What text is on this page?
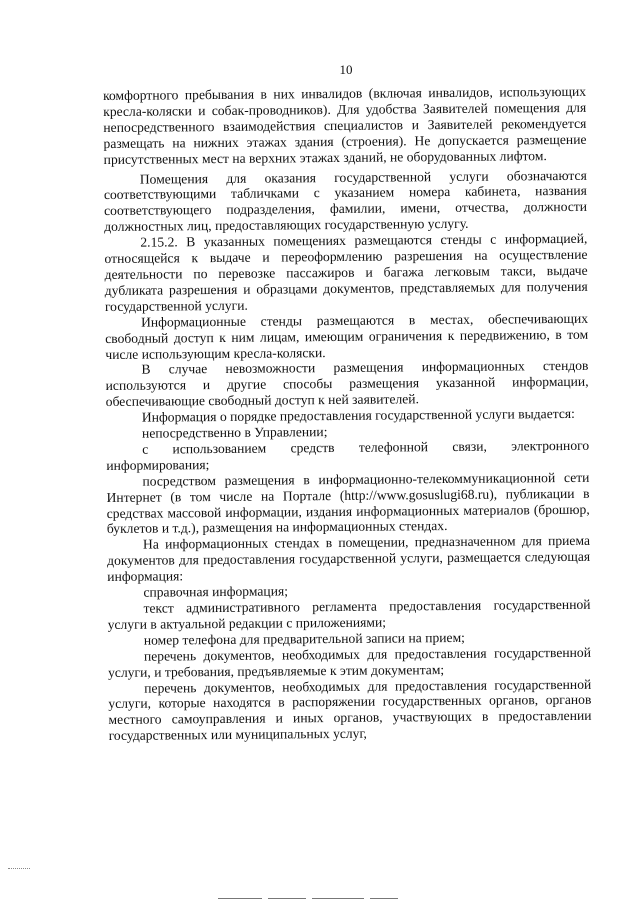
10

комфортного пребывания в них инвалидов (включая инвалидов, использующих кресла-коляски и собак-проводников). Для удобства Заявителей помещения для непосредственного взаимодействия специалистов и Заявителей рекомендуется размещать на нижних этажах здания (строения). Не допускается размещение присутственных мест на верхних этажах зданий, не оборудованных лифтом.

Помещения для оказания государственной услуги обозначаются соответствующими табличками с указанием номера кабинета, названия соответствующего подразделения, фамилии, имени, отчества, должности должностных лиц, предоставляющих государственную услугу.

2.15.2. В указанных помещениях размещаются стенды с информацией, относящейся к выдаче и переоформлению разрешения на осуществление деятельности по перевозке пассажиров и багажа легковым такси, выдаче дубликата разрешения и образцами документов, представляемых для получения государственной услуги.

Информационные стенды размещаются в местах, обеспечивающих свободный доступ к ним лицам, имеющим ограничения к передвижению, в том числе использующим кресла-коляски.

В случае невозможности размещения информационных стендов используются и другие способы размещения указанной информации, обеспечивающие свободный доступ к ней заявителей.

Информация о порядке предоставления государственной услуги выдается:

непосредственно в Управлении;

с использованием средств телефонной связи, электронного информирования;

посредством размещения в информационно-телекоммуникационной сети Интернет (в том числе на Портале (http://www.gosuslugi68.ru), публикации в средствах массовой информации, издания информационных материалов (брошюр, буклетов и т.д.), размещения на информационных стендах.

На информационных стендах в помещении, предназначенном для приема документов для предоставления государственной услуги, размещается следующая информация:

справочная информация;

текст административного регламента предоставления государственной услуги в актуальной редакции с приложениями;

номер телефона для предварительной записи на прием;

перечень документов, необходимых для предоставления государственной услуги, и требования, предъявляемые к этим документам;

перечень документов, необходимых для предоставления государственной услуги, которые находятся в распоряжении государственных органов, органов местного самоуправления и иных органов, участвующих в предоставлении государственных или муниципальных услуг,
